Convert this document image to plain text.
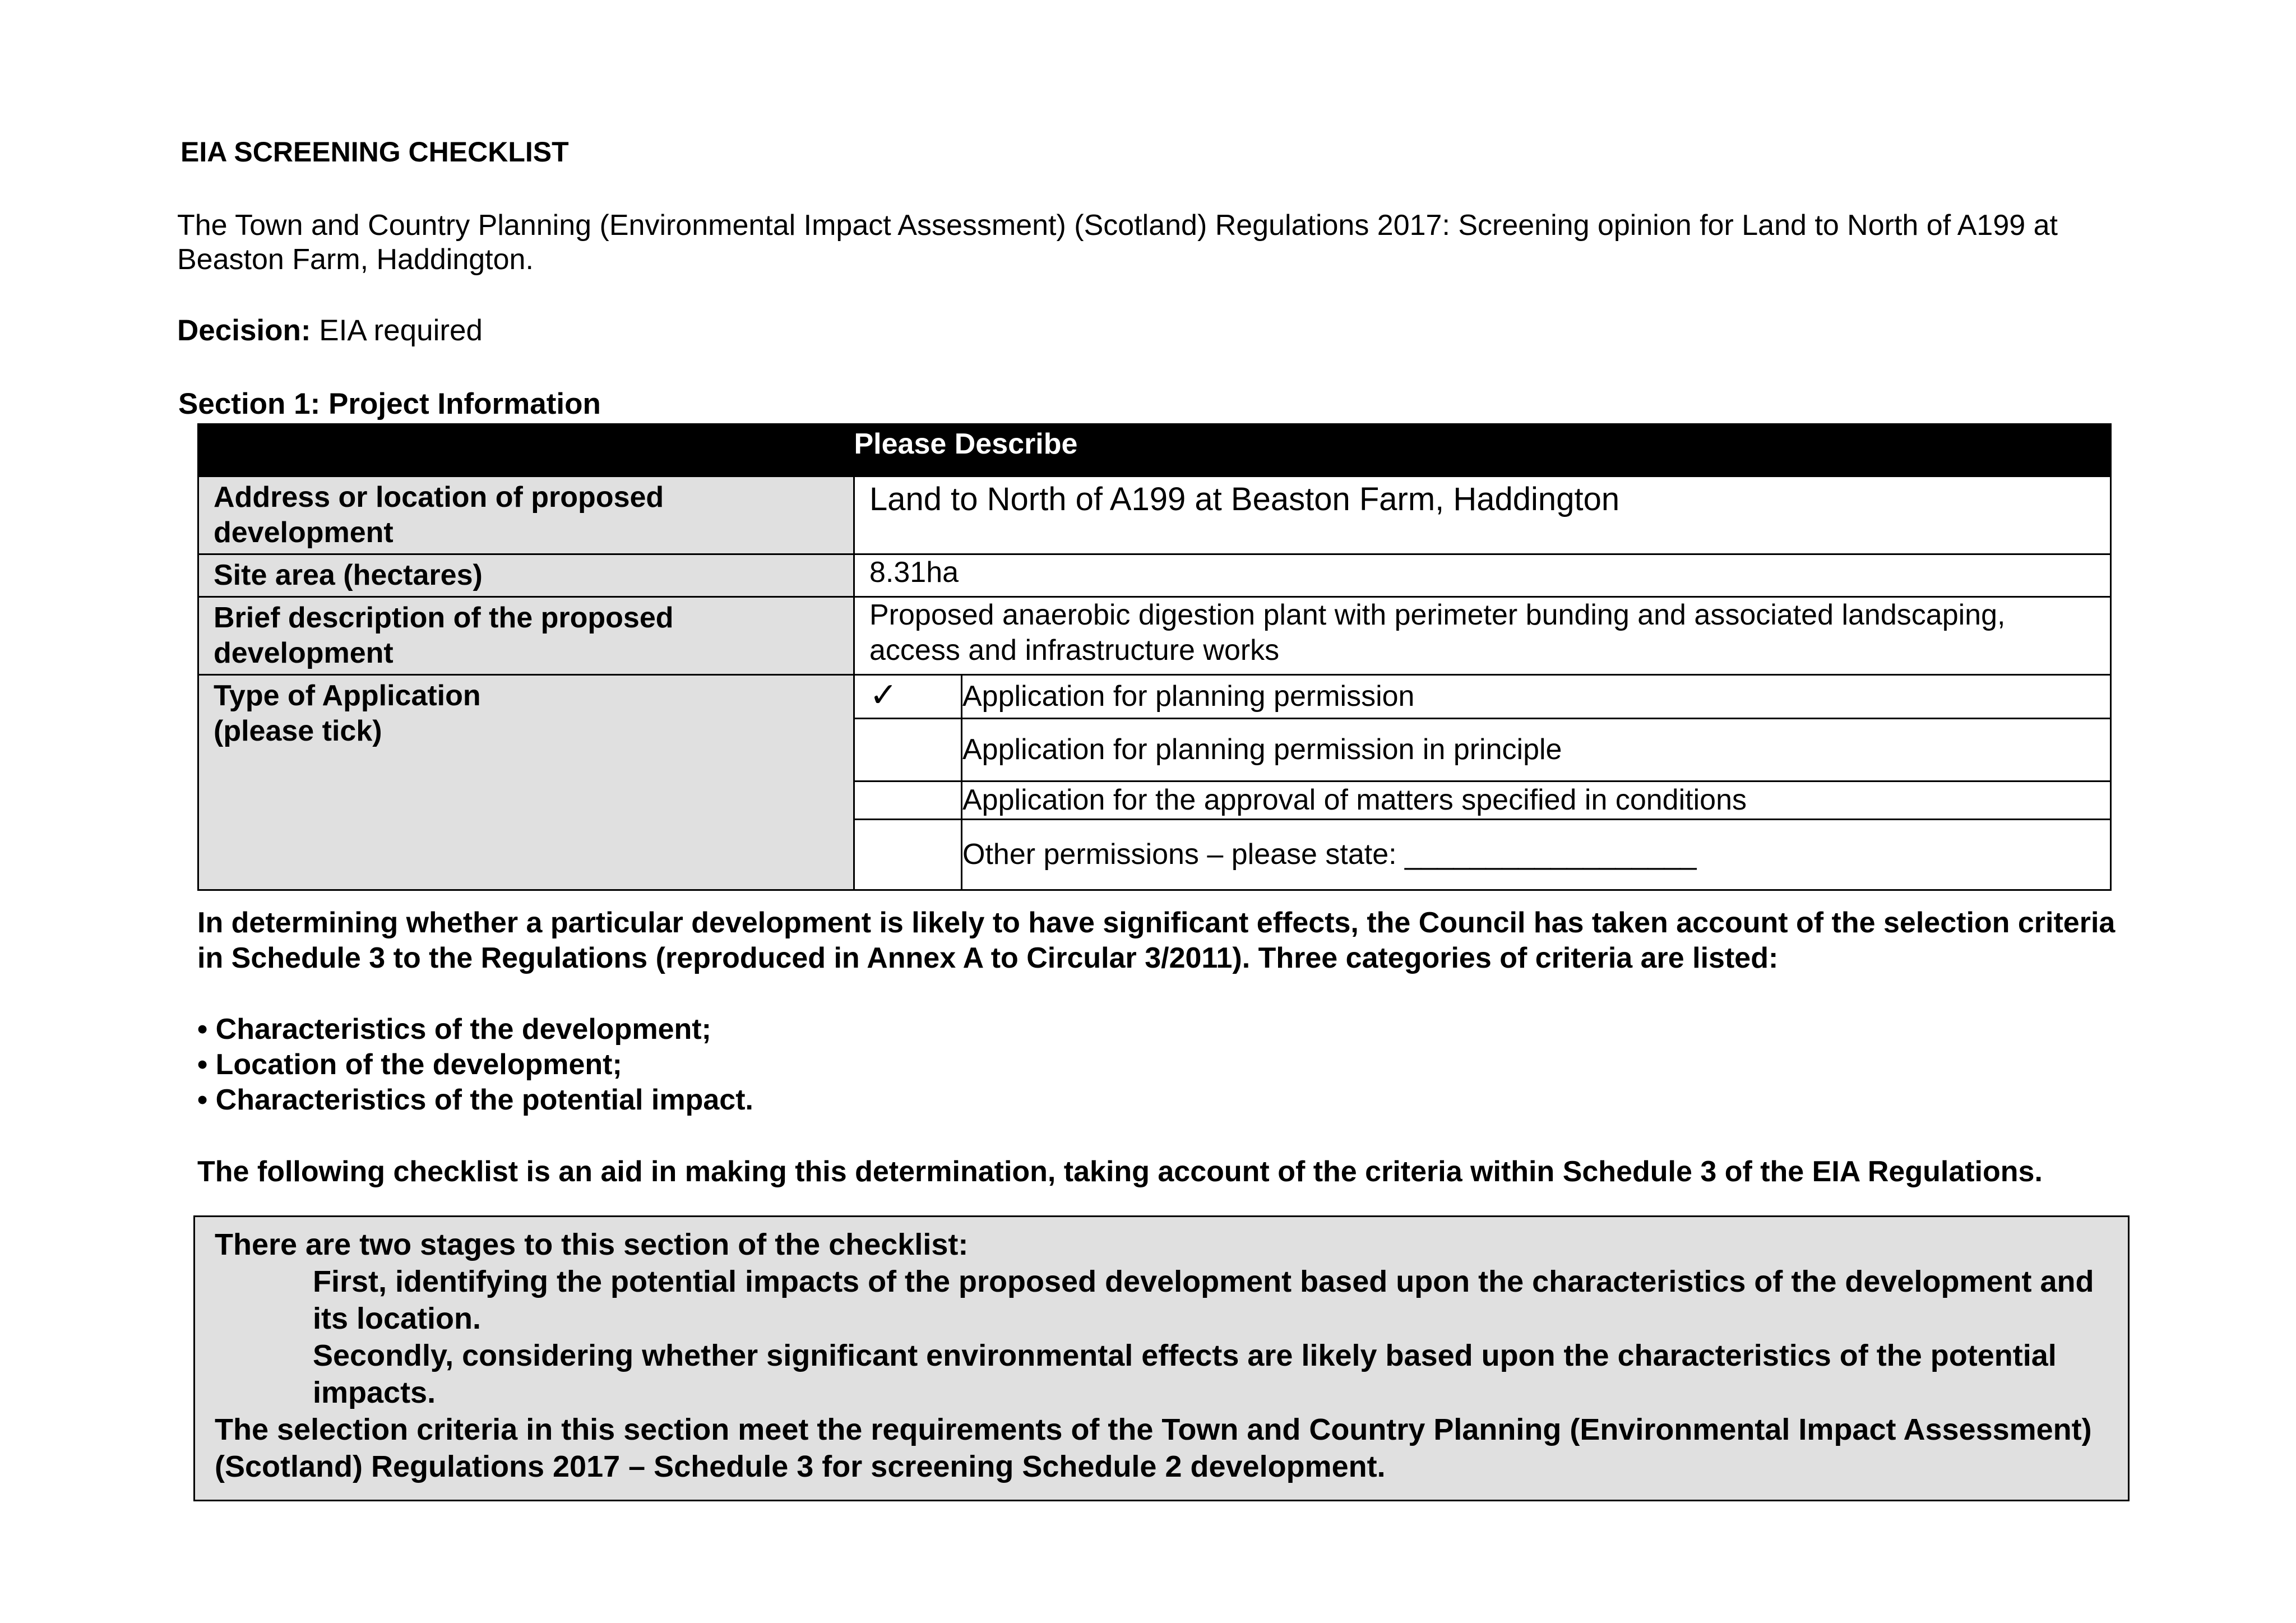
EIA SCREENING CHECKLIST
The Town and Country Planning (Environmental Impact Assessment) (Scotland) Regulations 2017: Screening opinion for Land to North of A199 at Beaston Farm, Haddington.
Decision: EIA required
Section 1: Project Information

	Please Describe	

Address or location of proposed development	Land to North of A199 at Beaston Farm, Haddington	
Site area (hectares)	8.31ha	
Brief description of the proposed development	Proposed anaerobic digestion plant with perimeter bunding and associated landscaping, access and infrastructure works	

Type of Application
(please tick)	✓	Application for planning permission
		Application for planning permission in principle
		Application for the approval of matters specified in conditions
		Other permissions – please state: __________________
In determining whether a particular development is likely to have significant effects, the Council has taken account of the selection criteria in Schedule 3 to the Regulations (reproduced in Annex A to Circular 3/2011). Three categories of criteria are listed:
• Characteristics of the development;
• Location of the development;
• Characteristics of the potential impact.
The following checklist is an aid in making this determination, taking account of the criteria within Schedule 3 of the EIA Regulations.
There are two stages to this section of the checklist:
First, identifying the potential impacts of the proposed development based upon the characteristics of the development and its location.
Secondly, considering whether significant environmental effects are likely based upon the characteristics of the potential impacts.
The selection criteria in this section meet the requirements of the Town and Country Planning (Environmental Impact Assessment) (Scotland) Regulations 2017 – Schedule 3 for screening Schedule 2 development.
